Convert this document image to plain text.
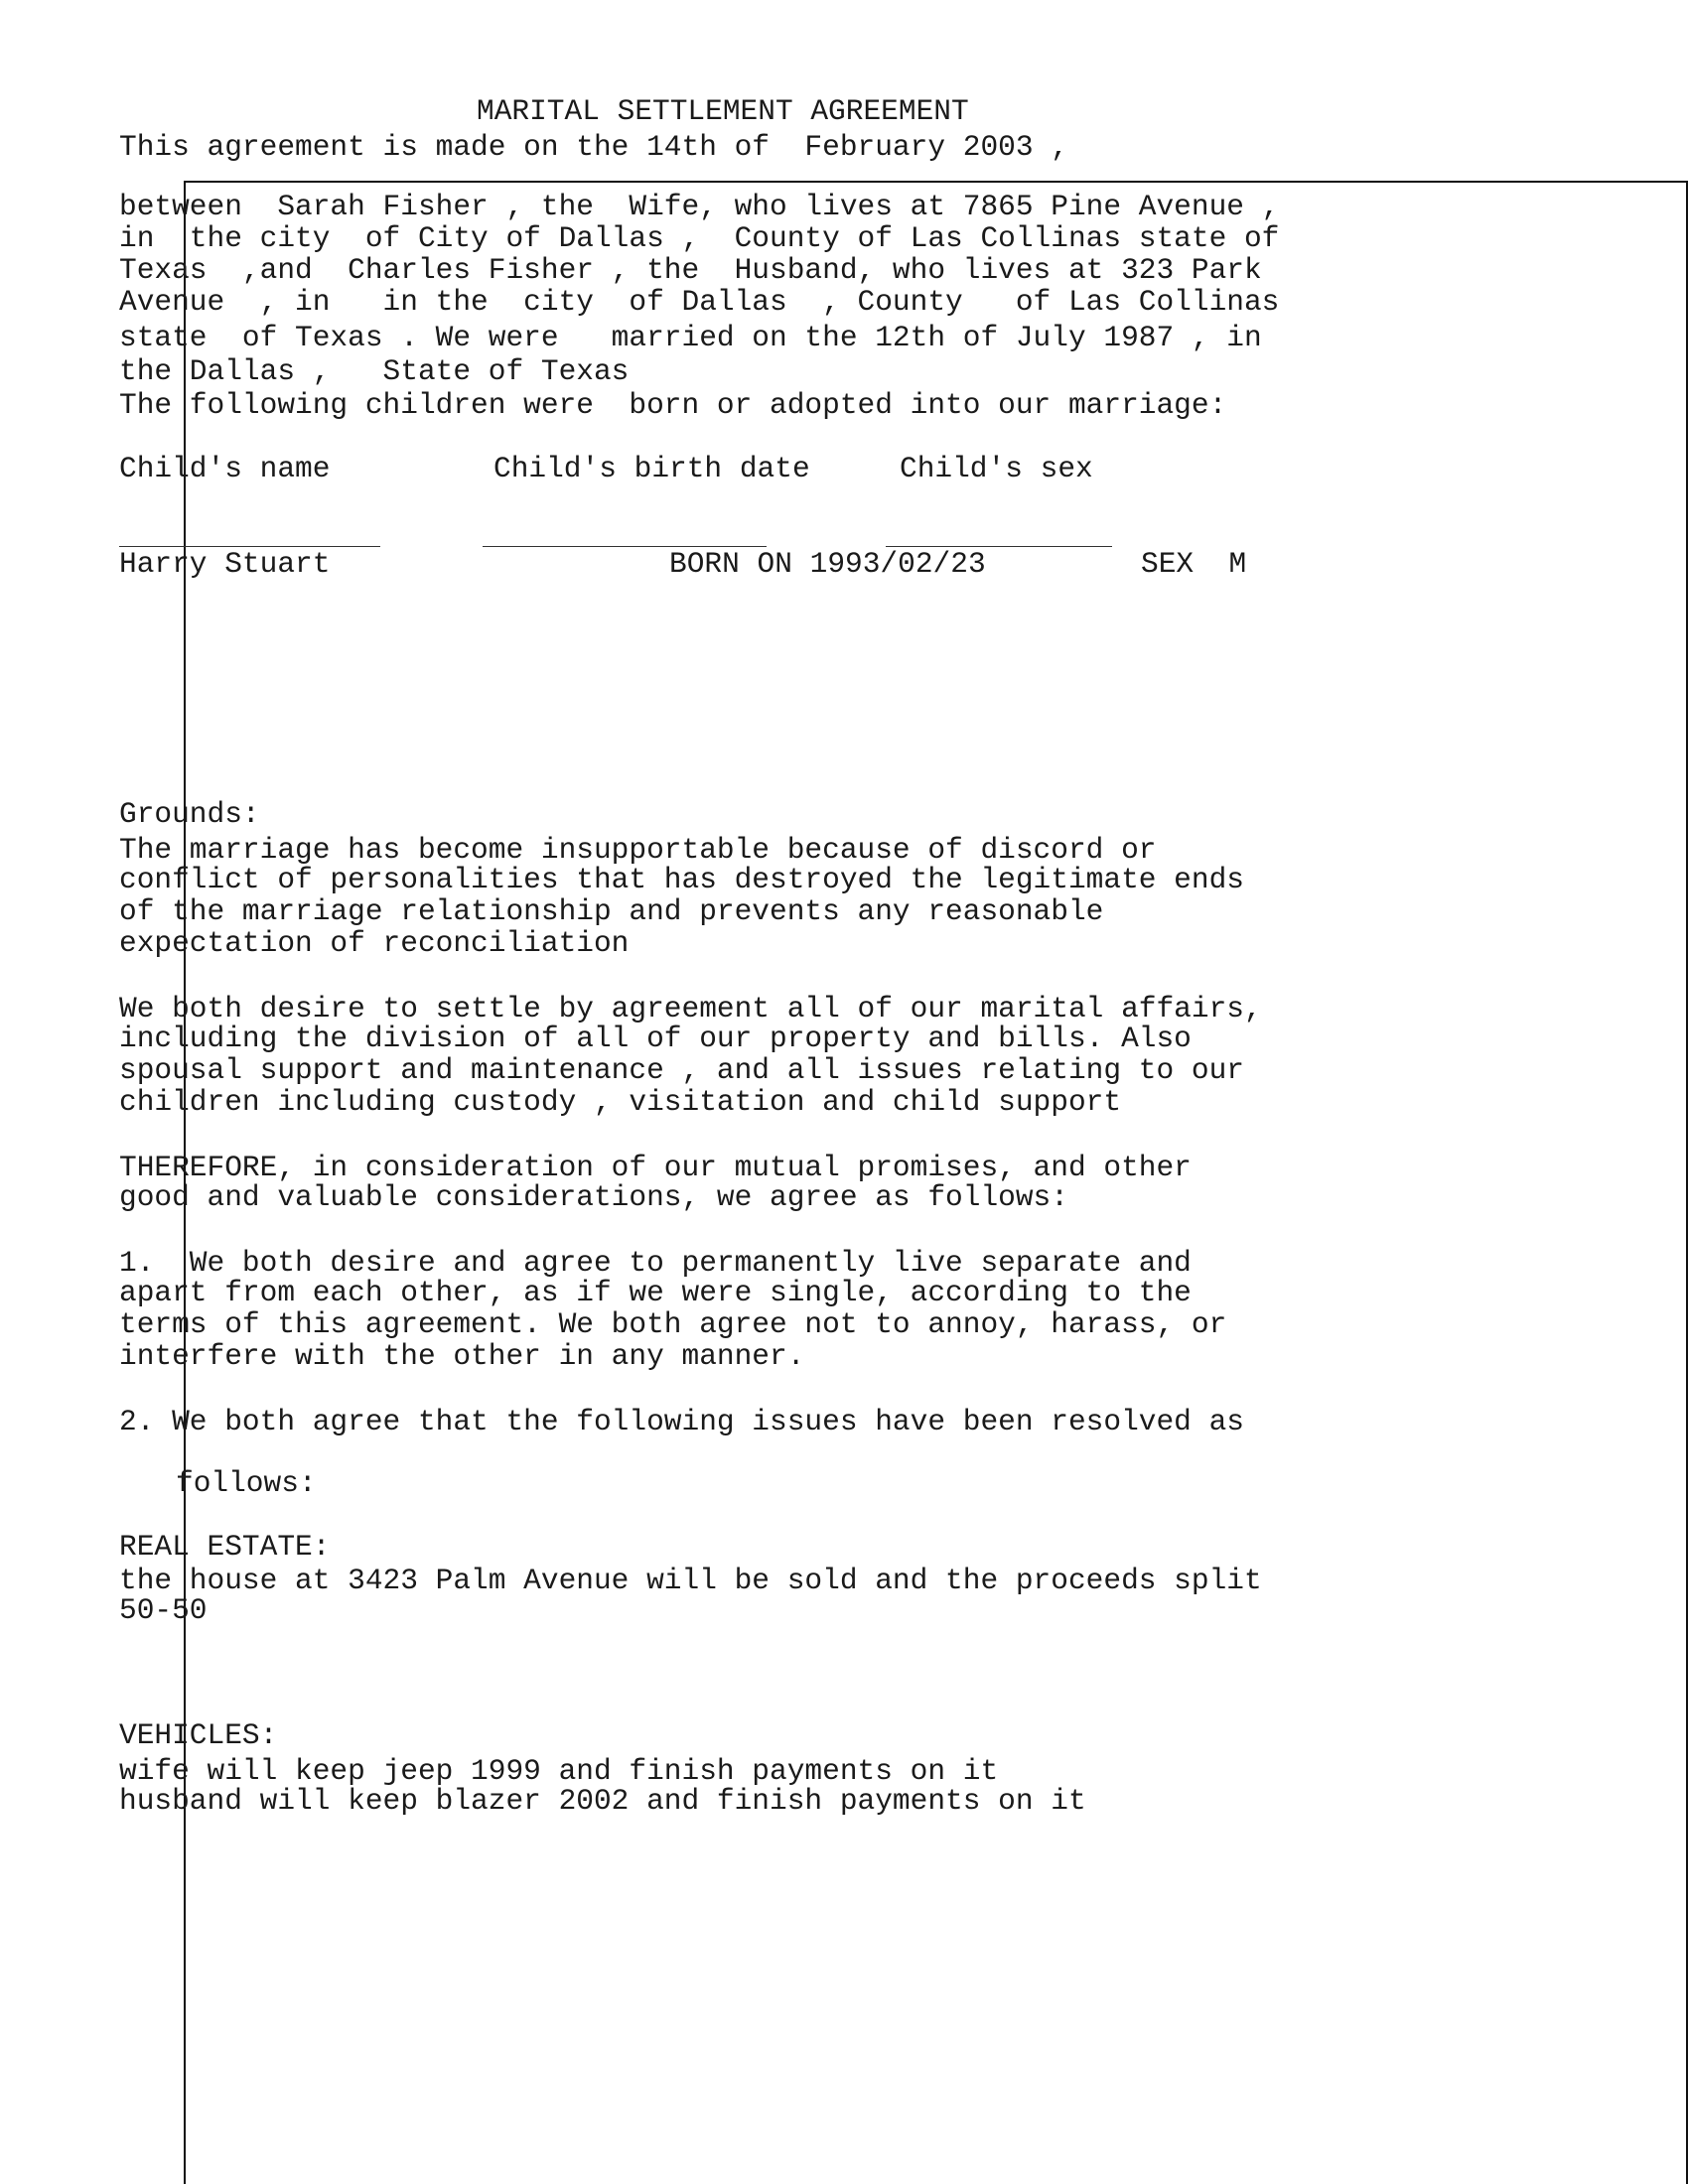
MARITAL SETTLEMENT AGREEMENT

This agreement is made on the 14th of  February 2003 ,

between  Sarah Fisher , the  Wife, who lives at 7865 Pine Avenue ,

in  the city  of City of Dallas ,  County of Las Collinas state of

Texas  ,and  Charles Fisher , the  Husband, who lives at 323 Park

Avenue  , in   in the  city  of Dallas  , County   of Las Collinas

state  of Texas . We were   married on the 12th of July 1987 , in

the Dallas ,   State of Texas

The following children were  born or adopted into our marriage:

Child's name	Child's birth date	Child's sex

Harry Stuart	BORN ON 1993/02/23	SEX  M

Grounds:

The marriage has become insupportable because of discord or

conflict of personalities that has destroyed the legitimate ends

of the marriage relationship and prevents any reasonable

expectation of reconciliation

We both desire to settle by agreement all of our marital affairs,

including the division of all of our property and bills. Also

spousal support and maintenance , and all issues relating to our

children including custody , visitation and child support

THEREFORE, in consideration of our mutual promises, and other

good and valuable considerations, we agree as follows:

1.  We both desire and agree to permanently live separate and

apart from each other, as if we were single, according to the

terms of this agreement. We both agree not to annoy, harass, or

interfere with the other in any manner.

2. We both agree that the following issues have been resolved as

follows:

REAL ESTATE:

the house at 3423 Palm Avenue will be sold and the proceeds split

50-50

VEHICLES:

wife will keep jeep 1999 and finish payments on it

husband will keep blazer 2002 and finish payments on it
